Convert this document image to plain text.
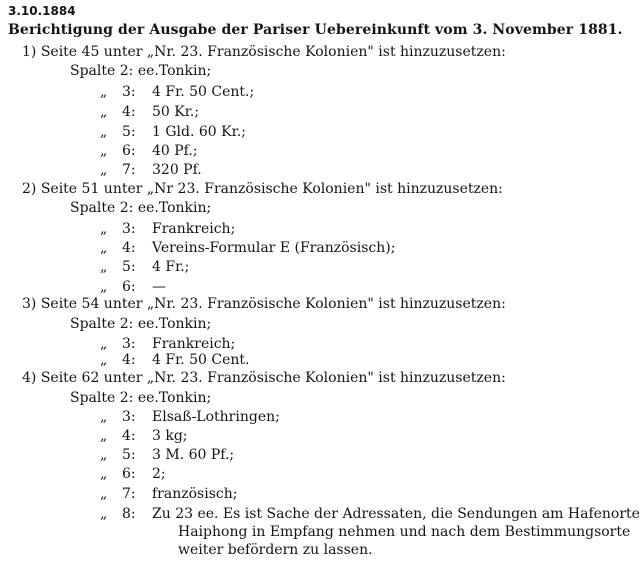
3.10.1884
Berichtigung der Ausgabe der Pariser Uebereinkunft vom 3. November 1881.
1) Seite 45 unter „Nr. 23. Französische Kolonien" ist hinzuzusetzen:
Spalte 2: ee.Tonkin;
„ 3: 4 Fr. 50 Cent.;
„ 4: 50 Kr.;
„ 5: 1 Gld. 60 Kr.;
„ 6: 40 Pf.;
„ 7: 320 Pf.
2) Seite 51 unter „Nr 23. Französische Kolonien" ist hinzuzusetzen:
Spalte 2: ee.Tonkin;
„ 3: Frankreich;
„ 4: Vereins-Formular E (Französisch);
„ 5: 4 Fr.;
„ 6: —
3) Seite 54 unter „Nr. 23. Französische Kolonien" ist hinzuzusetzen:
Spalte 2: ee.Tonkin;
„ 3: Frankreich;
„ 4: 4 Fr. 50 Cent.
4) Seite 62 unter „Nr. 23. Französische Kolonien" ist hinzuzusetzen:
Spalte 2: ee.Tonkin;
„ 3: Elsaß-Lothringen;
„ 4: 3 kg;
„ 5: 3 M. 60 Pf.;
„ 6: 2;
„ 7: französisch;
„ 8: Zu 23 ee. Es ist Sache der Adressaten, die Sendungen am Hafenorte
Haiphong in Empfang nehmen und nach dem Bestimmungsorte
weiter befördern zu lassen.
